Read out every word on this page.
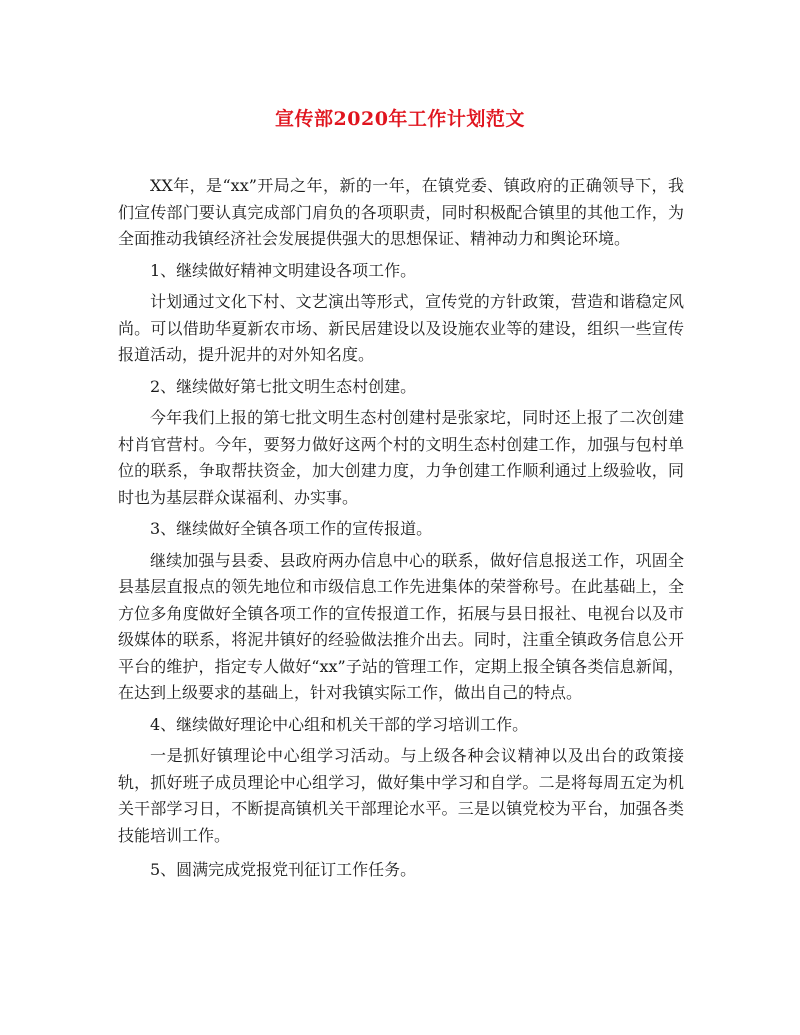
宣传部2020年工作计划范文

XX年，是“xx”开局之年，新的一年，在镇党委、镇政府的正确领导下，我们宣传部门要认真完成部门肩负的各项职责，同时积极配合镇里的其他工作，为全面推动我镇经济社会发展提供强大的思想保证、精神动力和舆论环境。

1、继续做好精神文明建设各项工作。

计划通过文化下村、文艺演出等形式，宣传党的方针政策，营造和谐稳定风尚。可以借助华夏新农市场、新民居建设以及设施农业等的建设，组织一些宣传报道活动，提升泥井的对外知名度。

2、继续做好第七批文明生态村创建。

今年我们上报的第七批文明生态村创建村是张家坨，同时还上报了二次创建村肖官营村。今年，要努力做好这两个村的文明生态村创建工作，加强与包村单位的联系，争取帮扶资金，加大创建力度，力争创建工作顺利通过上级验收，同时也为基层群众谋福利、办实事。

3、继续做好全镇各项工作的宣传报道。

继续加强与县委、县政府两办信息中心的联系，做好信息报送工作，巩固全县基层直报点的领先地位和市级信息工作先进集体的荣誉称号。在此基础上，全方位多角度做好全镇各项工作的宣传报道工作，拓展与县日报社、电视台以及市级媒体的联系，将泥井镇好的经验做法推介出去。同时，注重全镇政务信息公开平台的维护，指定专人做好“xx”子站的管理工作，定期上报全镇各类信息新闻，在达到上级要求的基础上，针对我镇实际工作，做出自己的特点。

4、继续做好理论中心组和机关干部的学习培训工作。

一是抓好镇理论中心组学习活动。与上级各种会议精神以及出台的政策接轨，抓好班子成员理论中心组学习，做好集中学习和自学。二是将每周五定为机关干部学习日，不断提高镇机关干部理论水平。三是以镇党校为平台，加强各类技能培训工作。

5、圆满完成党报党刊征订工作任务。
